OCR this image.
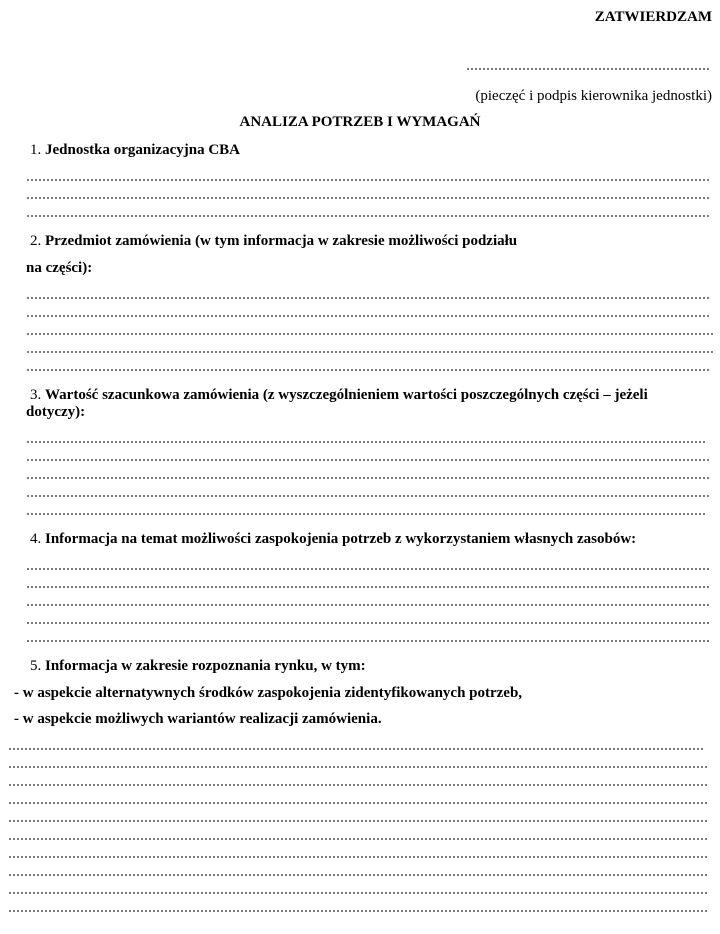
ZATWIERDZAM
(pieczęć i podpis kierownika jednostki)
ANALIZA POTRZEB I WYMAGAŃ
1. Jednostka organizacyjna CBA
2. Przedmiot zamówienia (w tym informacja w zakresie możliwości podziału
na części):
3. Wartość szacunkowa zamówienia (z wyszczególnieniem wartości poszczególnych części – jeżeli
dotyczy):
4. Informacja na temat możliwości zaspokojenia potrzeb z wykorzystaniem własnych zasobów:
5. Informacja w zakresie rozpoznania rynku, w tym:
- w aspekcie alternatywnych środków zaspokojenia zidentyfikowanych potrzeb,
- w aspekcie możliwych wariantów realizacji zamówienia.
